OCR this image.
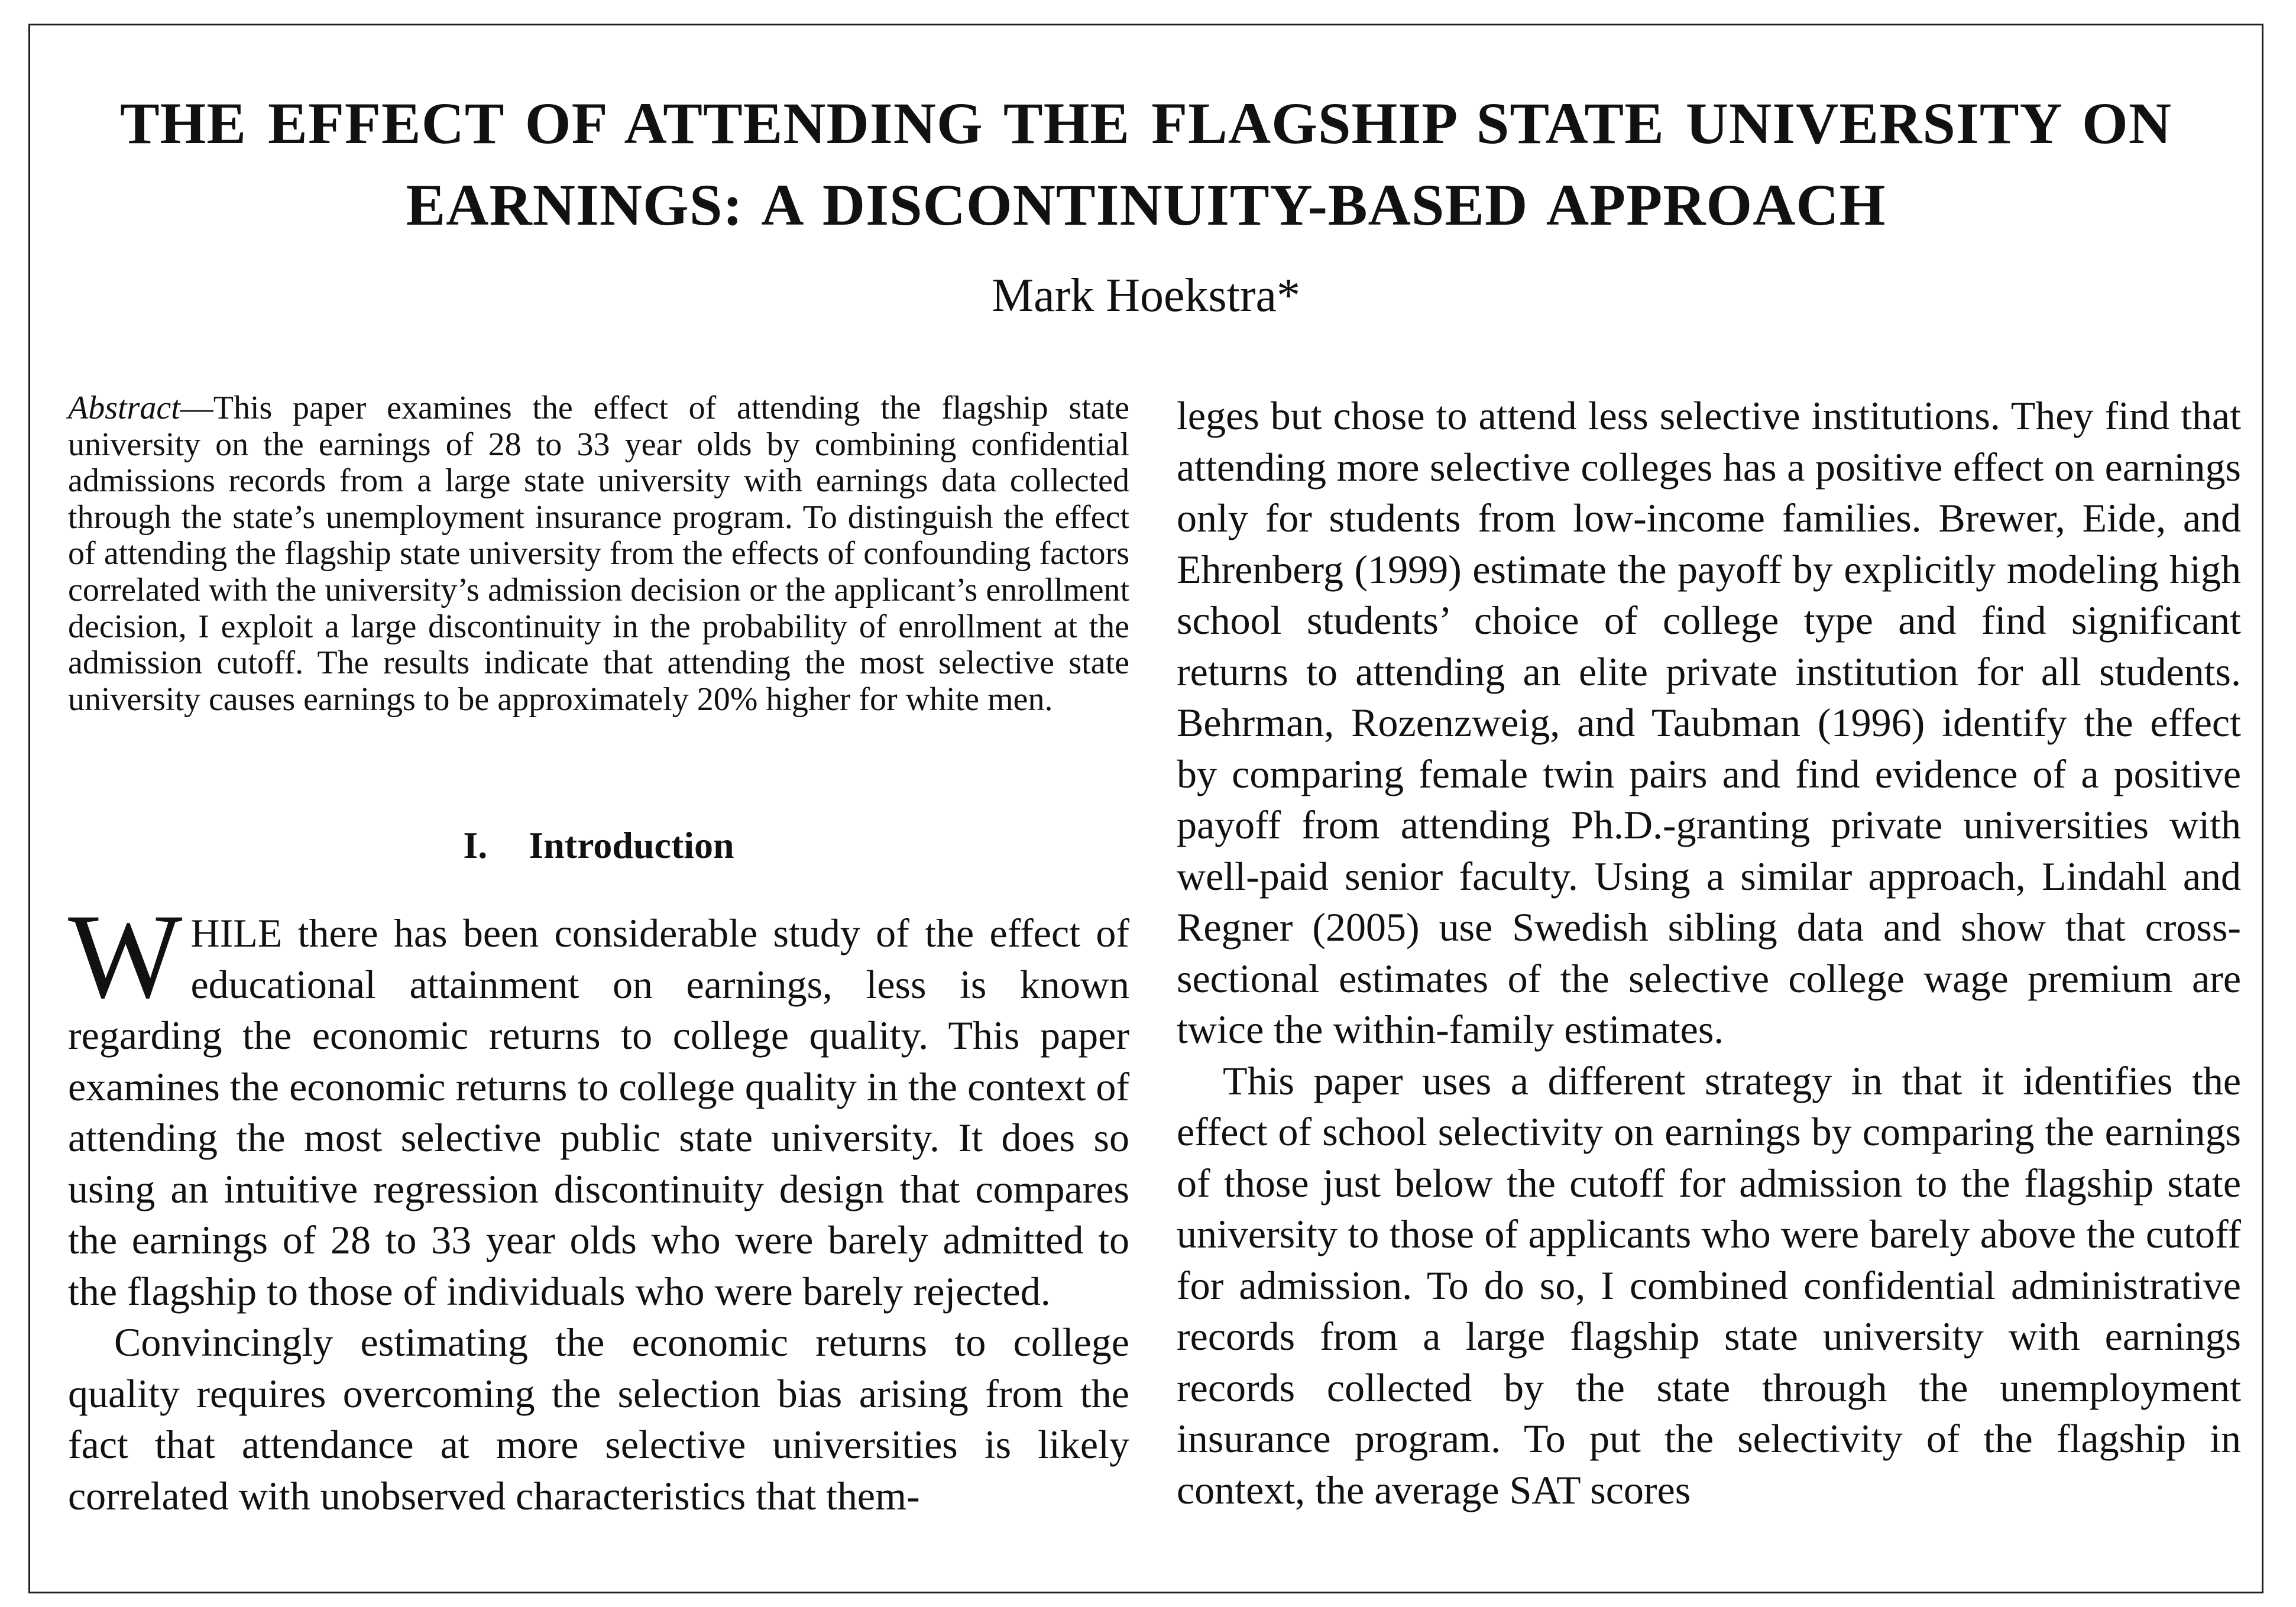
THE EFFECT OF ATTENDING THE FLAGSHIP STATE UNIVERSITY ON
EARNINGS: A DISCONTINUITY-BASED APPROACH
Mark Hoekstra*

Abstract—This paper examines the effect of attending the flagship state university on the earnings of 28 to 33 year olds by combining confidential admissions records from a large state university with earnings data collected through the state’s unemployment insurance program. To distinguish the effect of attending the flagship state university from the effects of confounding factors correlated with the university’s admission decision or the applicant’s enrollment decision, I exploit a large discontinuity in the probability of enrollment at the admission cutoff. The results indicate that attending the most selective state university causes earnings to be approximately 20% higher for white men.

I. Introduction

WHILE there has been considerable study of the effect of educational attainment on earnings, less is known regarding the economic returns to college quality. This paper examines the economic returns to college quality in the context of attending the most selective public state university. It does so using an intuitive regression discontinuity design that compares the earnings of 28 to 33 year olds who were barely admitted to the flagship to those of individuals who were barely rejected.

Convincingly estimating the economic returns to college quality requires overcoming the selection bias arising from the fact that attendance at more selective universities is likely correlated with unobserved characteristics that them-

leges but chose to attend less selective institutions. They find that attending more selective colleges has a positive effect on earnings only for students from low-income families. Brewer, Eide, and Ehrenberg (1999) estimate the payoff by explicitly modeling high school students’ choice of college type and find significant returns to attending an elite private institution for all students. Behrman, Rozenzweig, and Taubman (1996) identify the effect by comparing female twin pairs and find evidence of a positive payoff from attending Ph.D.-granting private universities with well-paid senior faculty. Using a similar approach, Lindahl and Regner (2005) use Swedish sibling data and show that cross-sectional estimates of the selective college wage premium are twice the within-family estimates.

This paper uses a different strategy in that it identifies the effect of school selectivity on earnings by comparing the earnings of those just below the cutoff for admission to the flagship state university to those of applicants who were barely above the cutoff for admission. To do so, I combined confidential administrative records from a large flagship state university with earnings records collected by the state through the unemployment insurance program. To put the selectivity of the flagship in context, the average SAT scores
